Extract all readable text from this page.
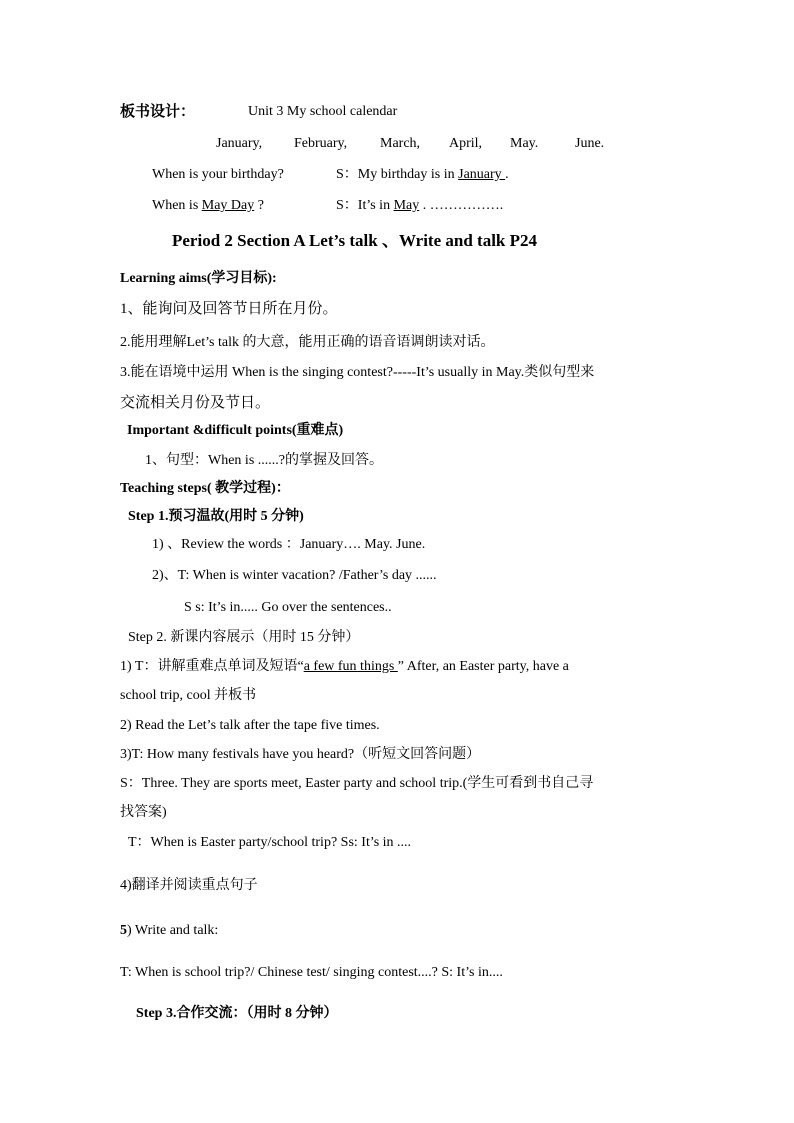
板书设计：	Unit 3 My school calendar
January, February, March, April, May.	June.
When is your birthday?	S：My birthday is in January .
When is May Day ?	S：It’s in May . …………….
Period 2 Section A Let’s talk 、Write and talk P24
Learning aims(学习目标):
1、能询问及回答节日所在月份。
2.能用理解Let’s talk 的大意，能用正确的语音语调朗读对话。
3.能在语境中运用 When is the singing contest?-----It’s usually in May.类似句型来
交流相关月份及节日。
Important &difficult points(重难点)
1、句型：When is ......?的掌握及回答。
Teaching steps( 教学过程)：
Step 1.预习温故(用时 5 分钟)
1) 、Review the words ：January…. May. June.
2)、T: When is winter vacation? /Father’s day ......
S s: It’s in..... Go over the sentences..
Step 2. 新课内容展示（用时 15 分钟）
1) T：讲解重难点单词及短语“a few fun things ” After, an Easter party, have a
school trip, cool 并板书
2) Read the Let’s talk after the tape five times.
3)T: How many festivals have you heard?（听短文回答问题）
S：Three. They are sports meet, Easter party and school trip.(学生可看到书自己寻
找答案)
T：When is Easter party/school trip? Ss: It’s in ....
4)翻译并阅读重点句子
5) Write and talk:
T: When is school trip?/ Chinese test/ singing contest....? S: It’s in....
Step 3.合作交流：（用时 8 分钟）
